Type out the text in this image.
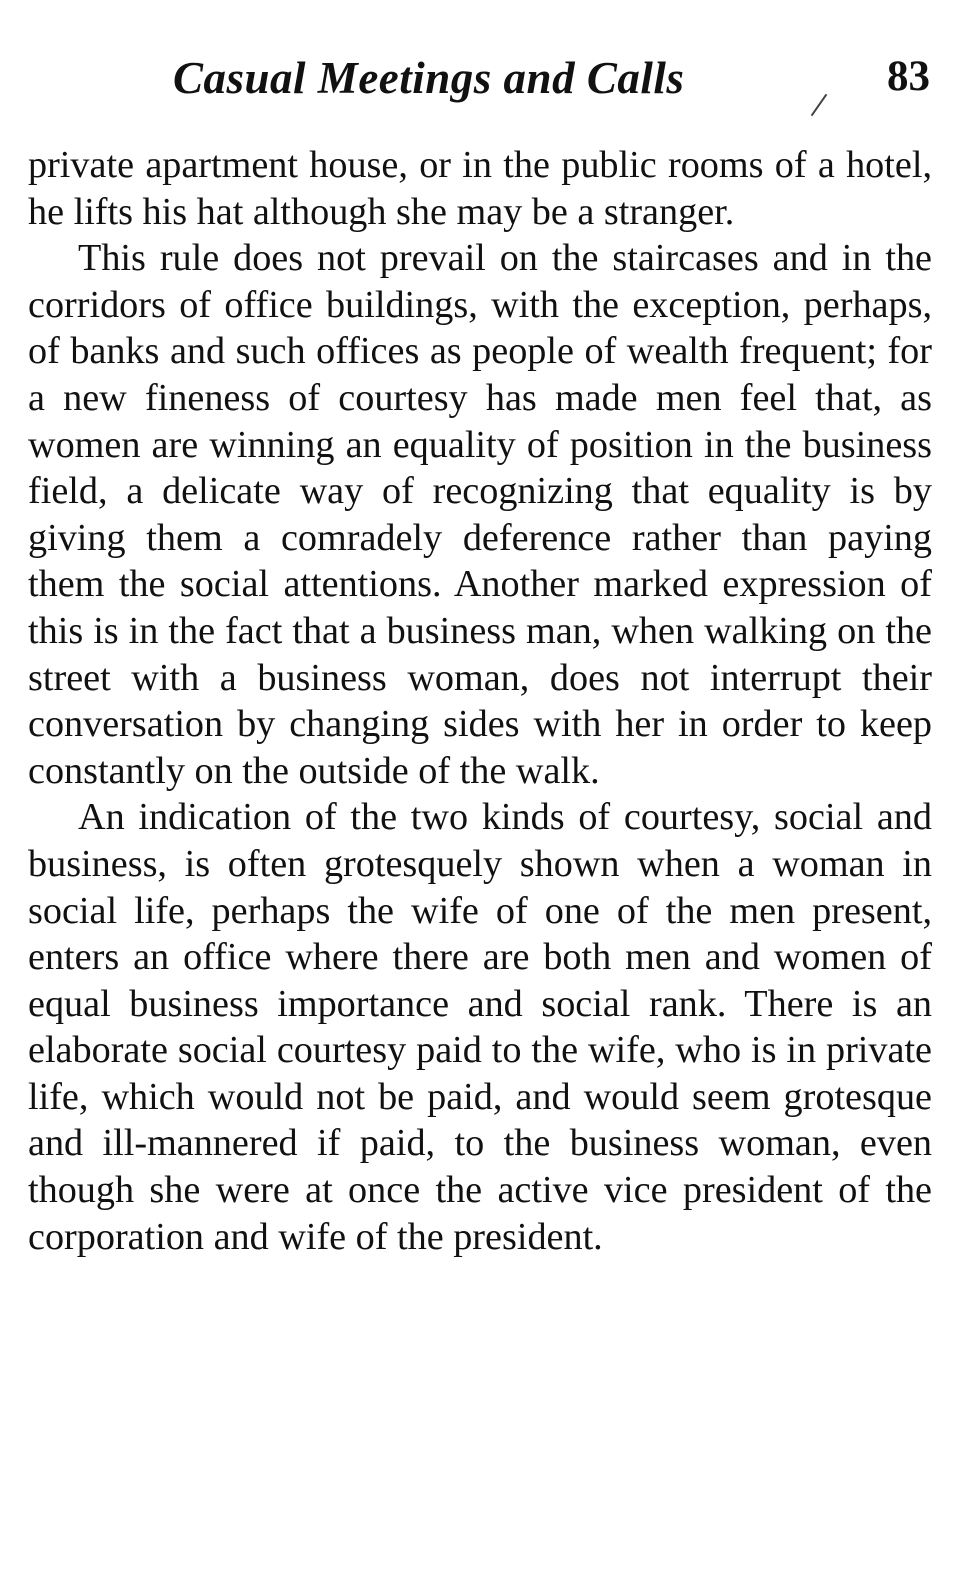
Casual Meetings and Calls	83

private apartment house, or in the public rooms of a hotel, he lifts his hat although she may be a stranger.

This rule does not prevail on the staircases and in the corridors of office buildings, with the exception, perhaps, of banks and such offices as people of wealth frequent; for a new fineness of courtesy has made men feel that, as women are winning an equality of position in the business field, a delicate way of recognizing that equality is by giving them a comradely deference rather than paying them the social attentions. Another marked expression of this is in the fact that a business man, when walking on the street with a business woman, does not interrupt their conversation by changing sides with her in order to keep constantly on the outside of the walk.

An indication of the two kinds of courtesy, social and business, is often grotesquely shown when a woman in social life, perhaps the wife of one of the men present, enters an office where there are both men and women of equal business importance and social rank. There is an elaborate social courtesy paid to the wife, who is in private life, which would not be paid, and would seem grotesque and ill-mannered if paid, to the business woman, even though she were at once the active vice president of the corporation and wife of the president.
